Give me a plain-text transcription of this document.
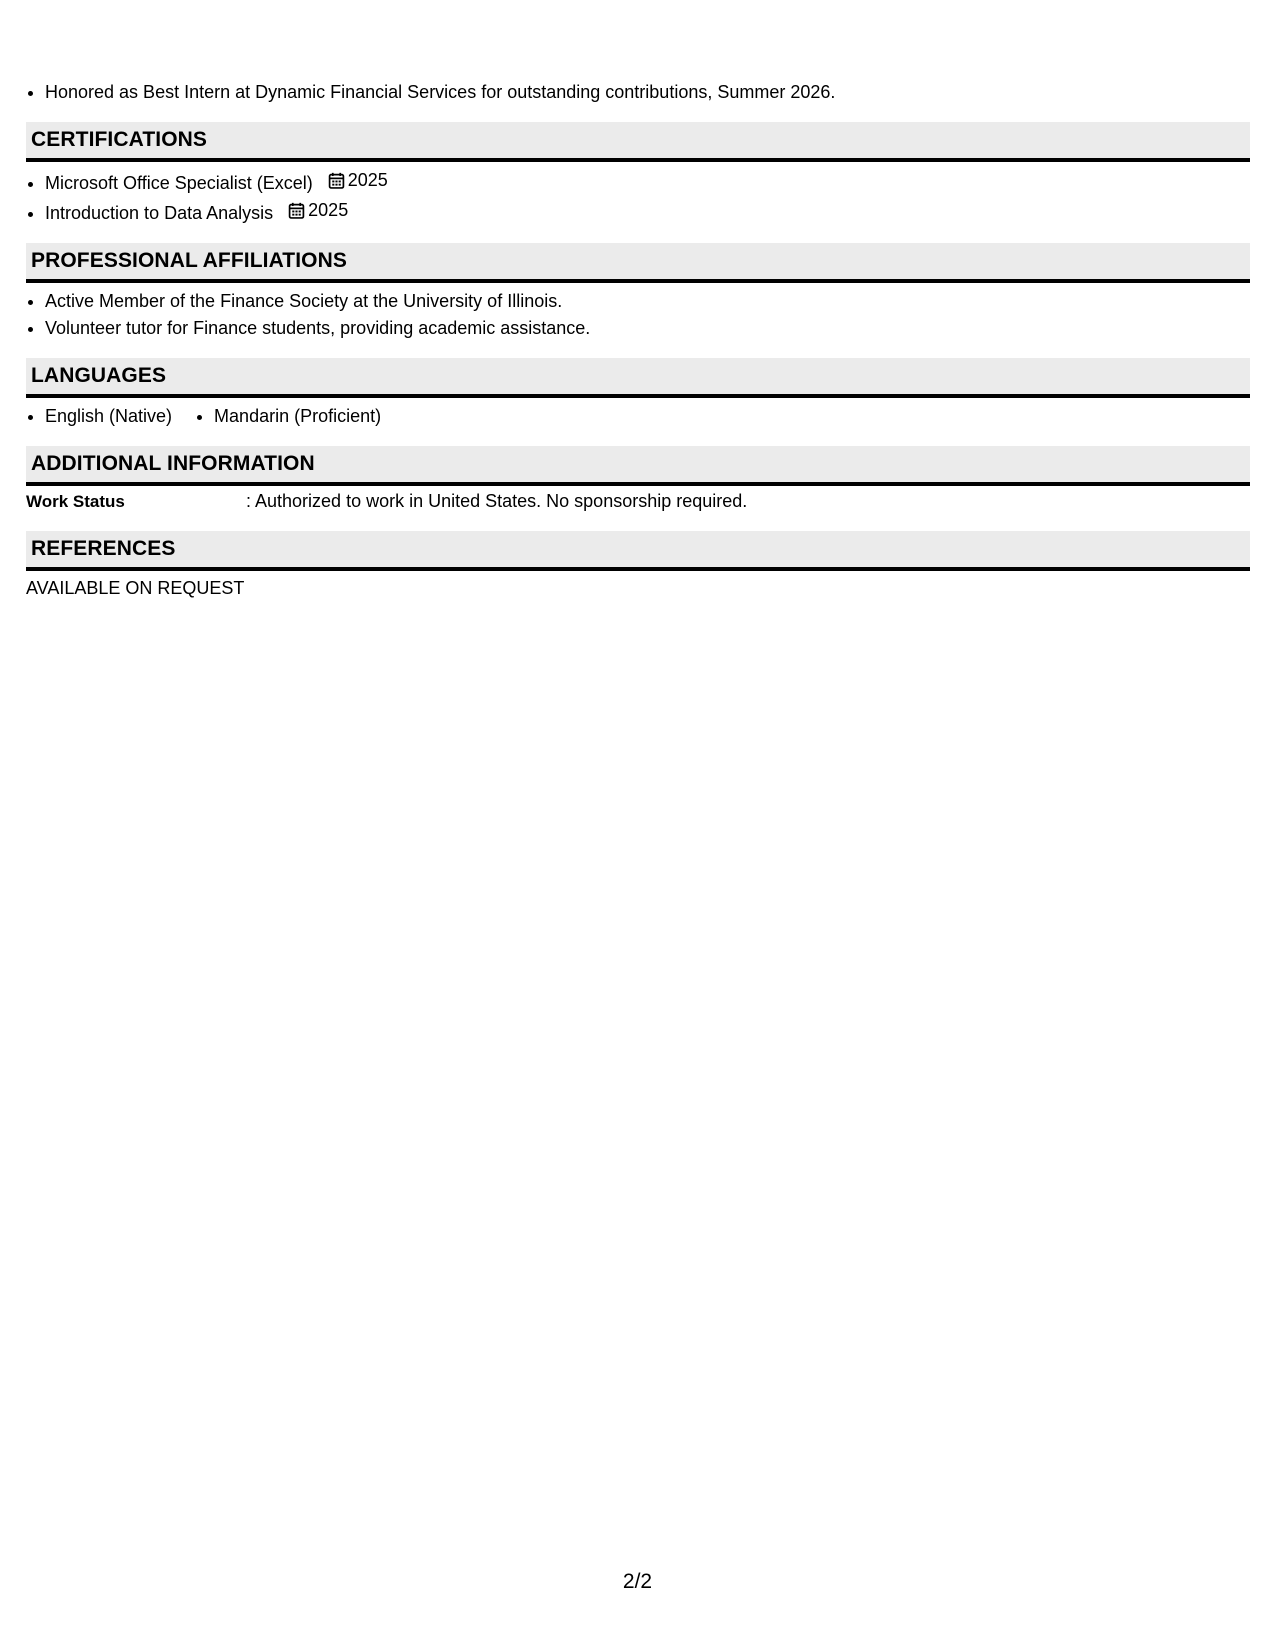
• Honored as Best Intern at Dynamic Financial Services for outstanding contributions, Summer 2026.
CERTIFICATIONS
• Microsoft Office Specialist (Excel) 2025
• Introduction to Data Analysis 2025
PROFESSIONAL AFFILIATIONS
• Active Member of the Finance Society at the University of Illinois.
• Volunteer tutor for Finance students, providing academic assistance.
LANGUAGES
• English (Native)
• Mandarin (Proficient)
ADDITIONAL INFORMATION
Work Status	: Authorized to work in United States. No sponsorship required.
REFERENCES
AVAILABLE ON REQUEST
2/2
